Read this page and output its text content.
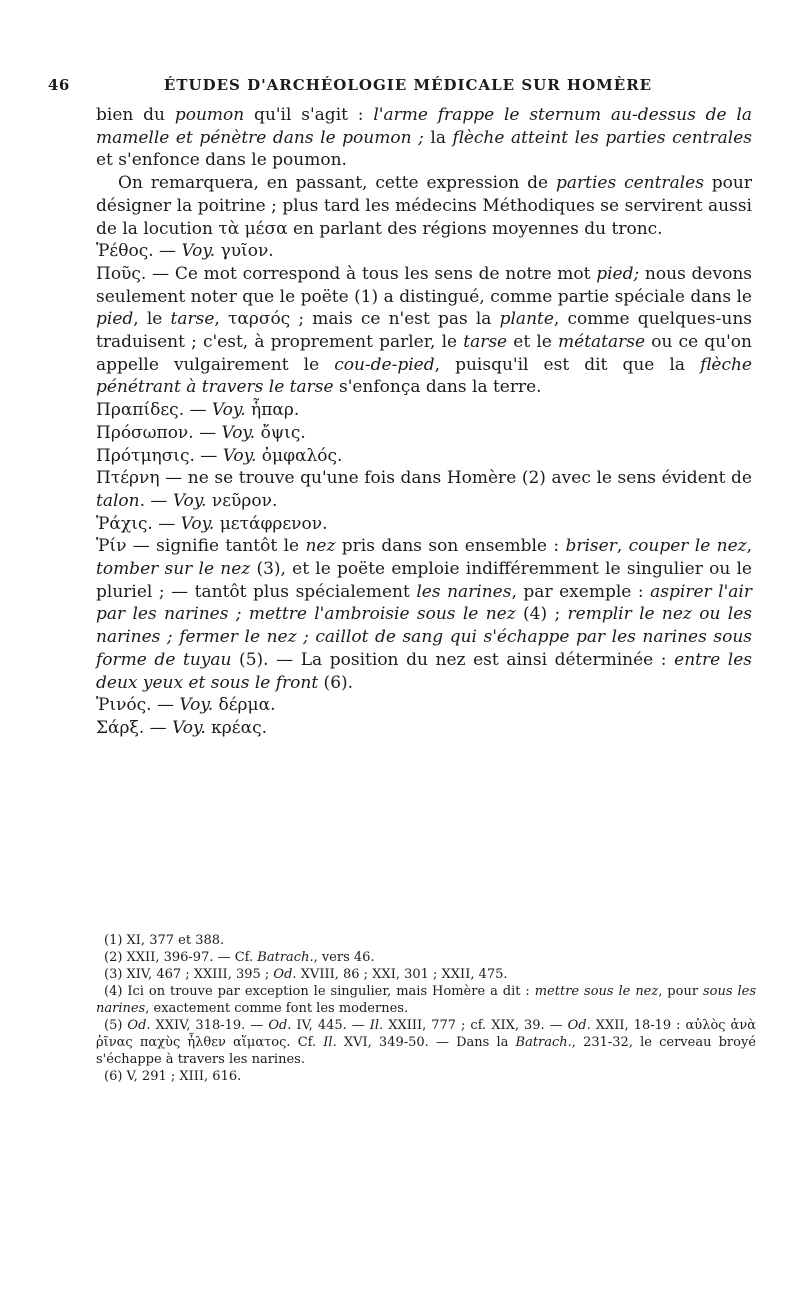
46	ÉTUDES D'ARCHÉOLOGIE MÉDICALE SUR HOMÈRE

bien du poumon qu'il s'agit : l'arme frappe le sternum au-dessus de la mamelle et pénètre dans le poumon ; la flèche atteint les parties centrales et s'enfonce dans le poumon.

On remarquera, en passant, cette expression de parties centrales pour désigner la poitrine ; plus tard les médecins Méthodiques se servirent aussi de la locution τὰ μέσα en parlant des régions moyennes du tronc.

Ῥέθος. — Voy. γυῖον.

Ποῦς. — Ce mot correspond à tous les sens de notre mot pied; nous devons seulement noter que le poëte (1) a distingué, comme partie spéciale dans le pied, le tarse, ταρσός ; mais ce n'est pas la plante, comme quelques-uns traduisent ; c'est, à proprement parler, le tarse et le métatarse ou ce qu'on appelle vulgairement le cou-de-pied, puisqu'il est dit que la flèche pénétrant à travers le tarse s'enfonça dans la terre.

Πραπίδες. — Voy. ἧπαρ.

Πρόσωπον. — Voy. ὄψις.

Πρότμησις. — Voy. ὀμφαλός.

Πτέρνη — ne se trouve qu'une fois dans Homère (2) avec le sens évident de talon. — Voy. νεῦρον.

Ῥάχις. — Voy. μετάφρενον.

Ῥίν — signifie tantôt le nez pris dans son ensemble : briser, couper le nez, tomber sur le nez (3), et le poëte emploie indifféremment le singulier ou le pluriel ; — tantôt plus spécialement les narines, par exemple : aspirer l'air par les narines ; mettre l'ambroisie sous le nez (4) ; remplir le nez ou les narines ; fermer le nez ; caillot de sang qui s'échappe par les narines sous forme de tuyau (5). — La position du nez est ainsi déterminée : entre les deux yeux et sous le front (6).

Ῥινός. — Voy. δέρμα.

Σάρξ. — Voy. κρέας.

(1) XI, 377 et 388.

(2) XXII, 396-97. — Cf. Batrach., vers 46.

(3) XIV, 467 ; XXIII, 395 ; Od. XVIII, 86 ; XXI, 301 ; XXII, 475.

(4) Ici on trouve par exception le singulier, mais Homère a dit : mettre sous le nez, pour sous les narines, exactement comme font les modernes.

(5) Od. XXIV, 318-19. — Od. IV, 445. — Il. XXIII, 777 ; cf. XIX, 39. — Od. XXII, 18-19 : αὐλὸς ἀνὰ ῥῖνας παχὺς ἦλθεν αἵματος. Cf. Il. XVI, 349-50. — Dans la Batrach., 231-32, le cerveau broyé s'échappe à travers les narines.

(6) V, 291 ; XIII, 616.
